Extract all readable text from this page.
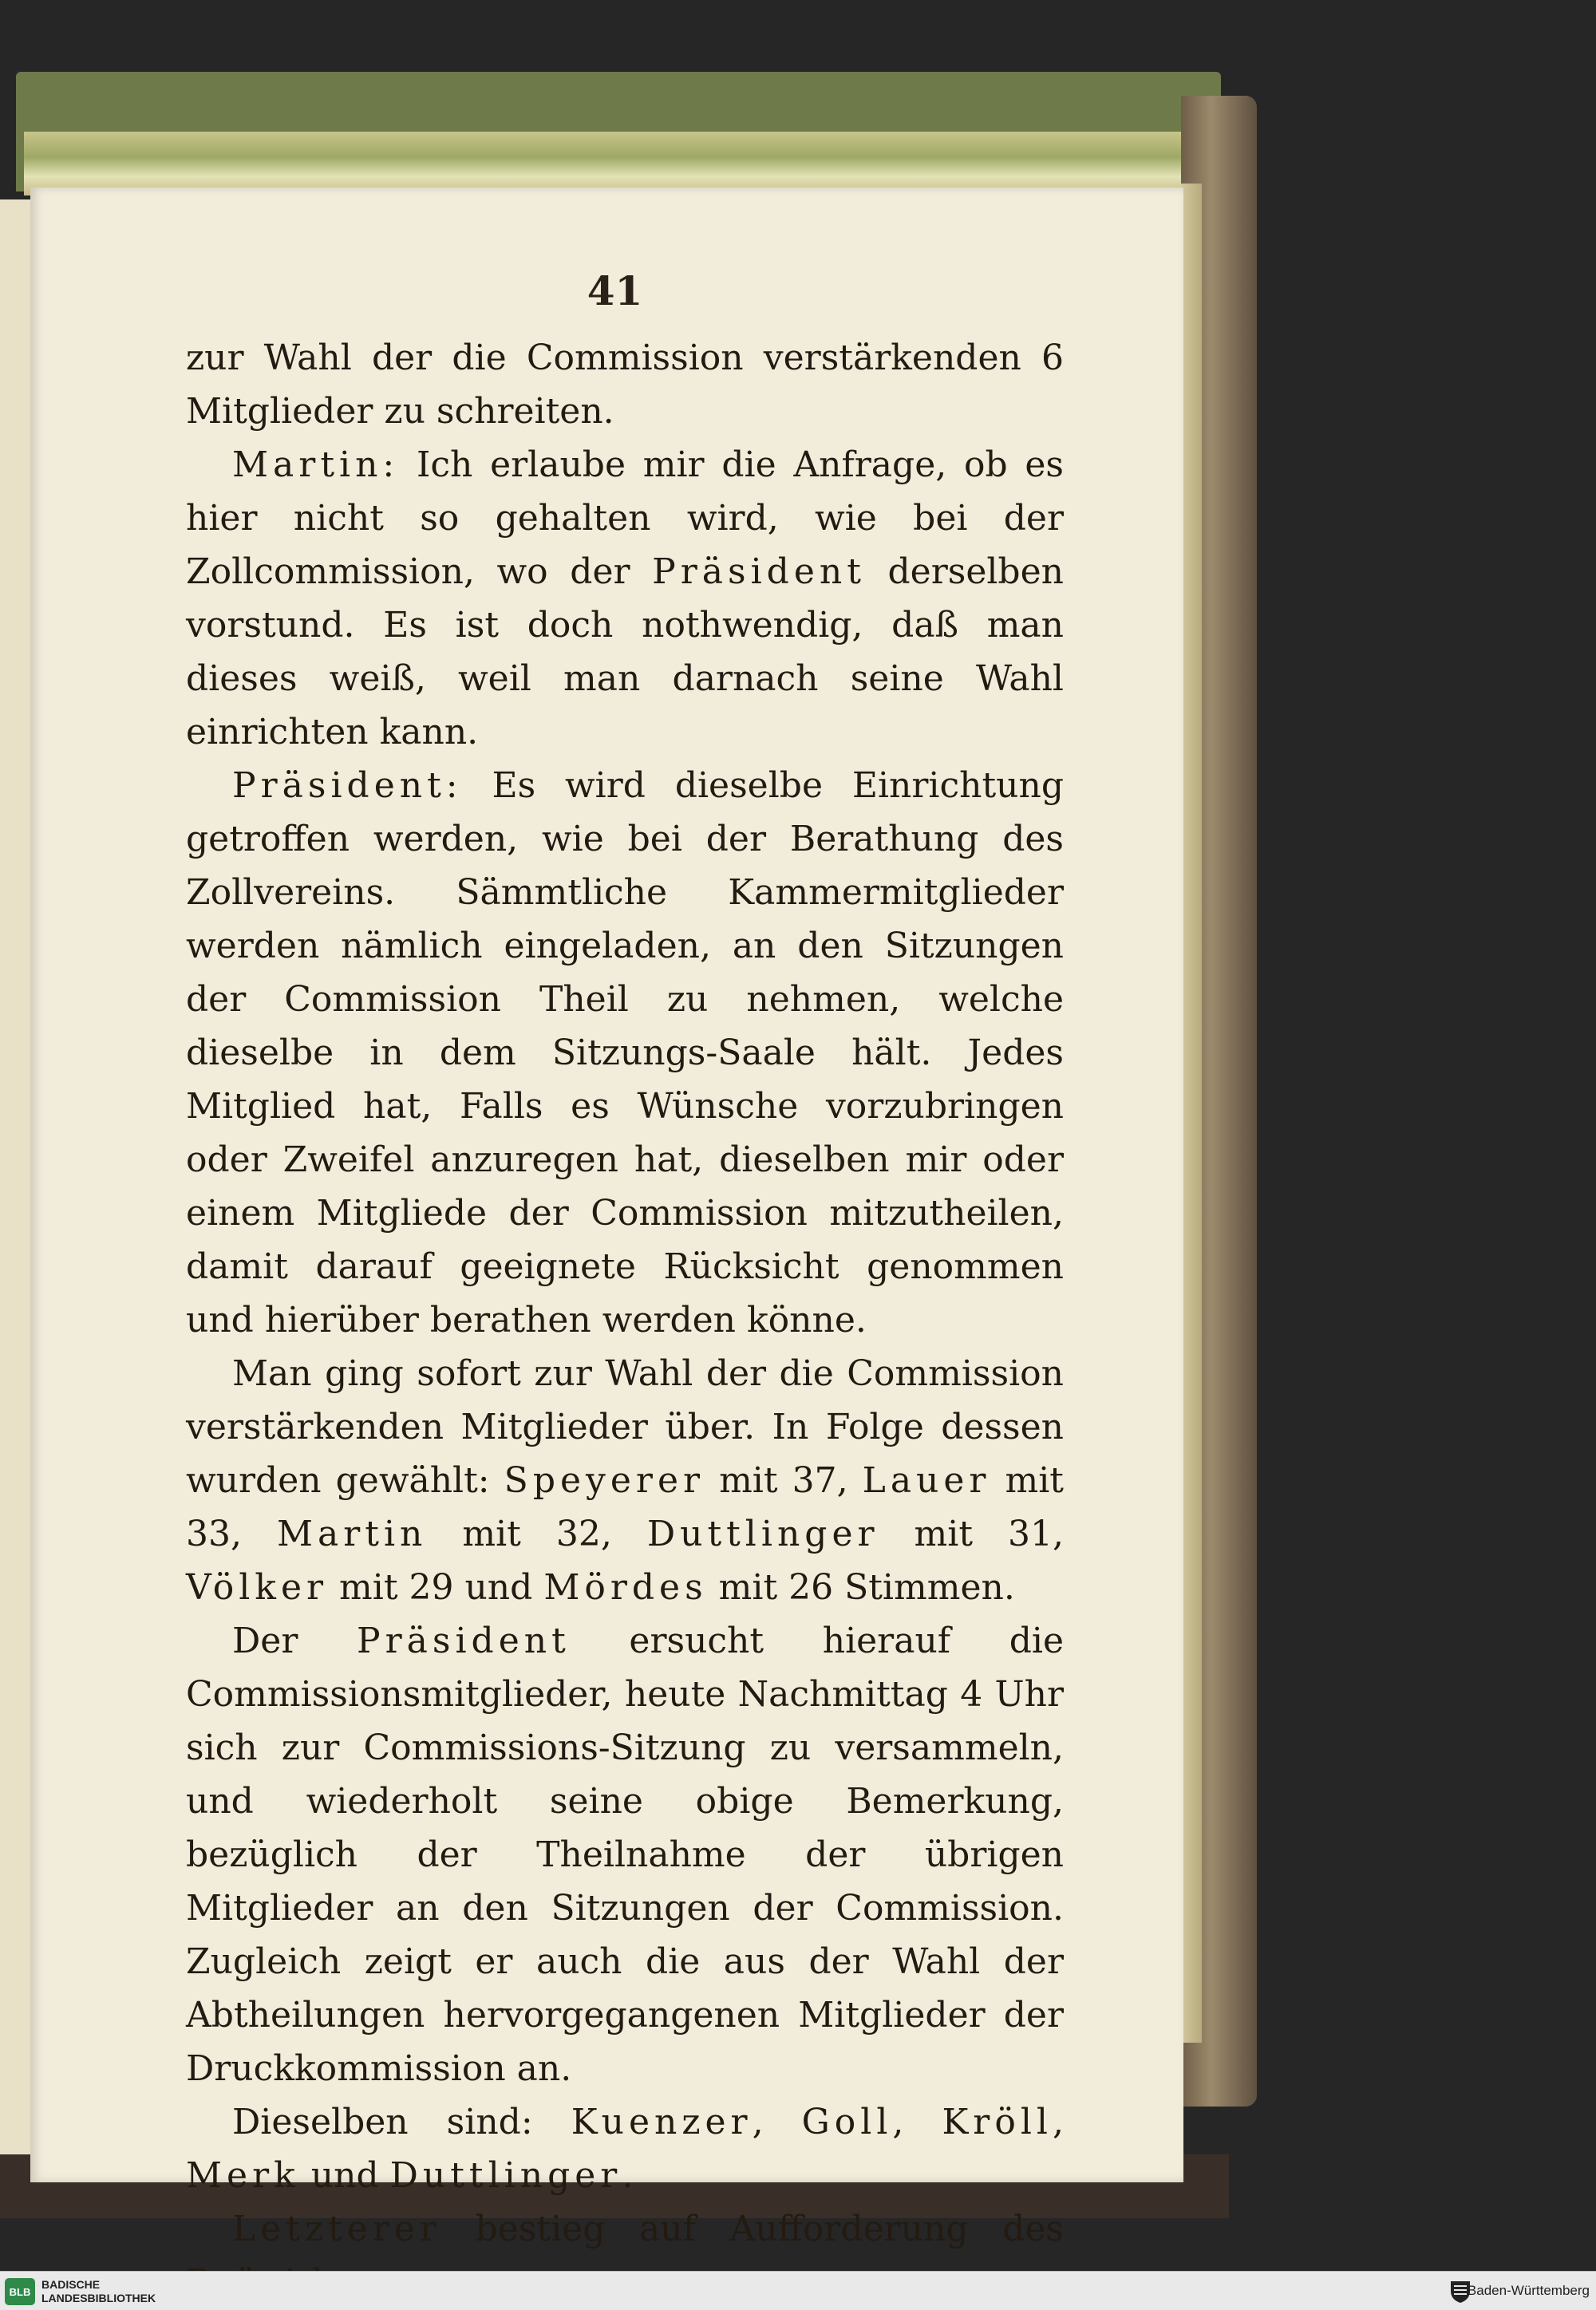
41

zur Wahl der die Commission verstärkenden 6 Mitglieder zu schreiten.

Martin: Ich erlaube mir die Anfrage, ob es hier nicht so gehalten wird, wie bei der Zollcommission, wo der Präsident derselben vorstund. Es ist doch nothwendig, daß man dieses weiß, weil man darnach seine Wahl einrichten kann.

Präsident: Es wird dieselbe Einrichtung getroffen werden, wie bei der Berathung des Zollvereins. Sämmtliche Kammermitglieder werden nämlich eingeladen, an den Sitzungen der Commission Theil zu nehmen, welche dieselbe in dem Sitzungs-Saale hält. Jedes Mitglied hat, Falls es Wünsche vorzubringen oder Zweifel anzuregen hat, dieselben mir oder einem Mitgliede der Commission mitzutheilen, damit darauf geeignete Rücksicht genommen und hierüber berathen werden könne.

Man ging sofort zur Wahl der die Commission verstärkenden Mitglieder über. In Folge dessen wurden gewählt: Speyerer mit 37, Lauer mit 33, Martin mit 32, Duttlinger mit 31, Völker mit 29 und Mördes mit 26 Stimmen.

Der Präsident ersucht hierauf die Commissionsmitglieder, heute Nachmittag 4 Uhr sich zur Commissions-Sitzung zu versammeln, und wiederholt seine obige Bemerkung, bezüglich der Theilnahme der übrigen Mitglieder an den Sitzungen der Commission. Zugleich zeigt er auch die aus der Wahl der Abtheilungen hervorgegangenen Mitglieder der Druckkommission an.

Dieselben sind: Kuenzer, Goll, Kröll, Merk und Duttlinger.

Letzterer bestieg auf Aufforderung des

BLB
BADISCHE
LANDESBIBLIOTHEK	Baden-Württemberg
